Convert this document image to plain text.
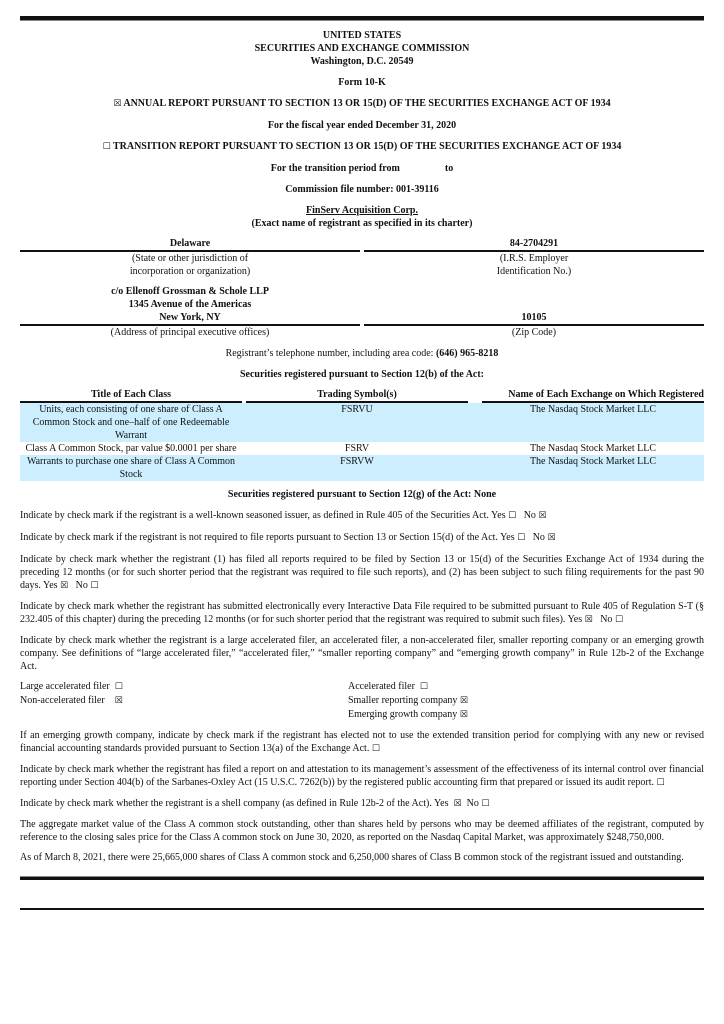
UNITED STATES
SECURITIES AND EXCHANGE COMMISSION
Washington, D.C. 20549

Form 10-K

☒ ANNUAL REPORT PURSUANT TO SECTION 13 OR 15(D) OF THE SECURITIES EXCHANGE ACT OF 1934

For the fiscal year ended December 31, 2020

☐ TRANSITION REPORT PURSUANT TO SECTION 13 OR 15(D) OF THE SECURITIES EXCHANGE ACT OF 1934

For the transition period from	to

Commission file number: 001-39116

FinServ Acquisition Corp.

(Exact name of registrant as specified in its charter)

Delaware
(State or other jurisdiction of
incorporation or organization)
84-2704291
(I.R.S. Employer
Identification No.)
c/o Ellenoff Grossman & Schole LLP
1345 Avenue of the Americas
New York, NY
(Address of principal executive offices)
10105
(Zip Code)

Registrant’s telephone number, including area code: (646) 965-8218

Securities registered pursuant to Section 12(b) of the Act:

Title of Each Class		Trading Symbol(s)		Name of Each Exchange on Which Registered
Units, each consisting of one share of Class A Common Stock and one–half of one Redeemable Warrant		FSRVU		The Nasdaq Stock Market LLC
Class A Common Stock, par value $0.0001 per share		FSRV		The Nasdaq Stock Market LLC
Warrants to purchase one share of Class A Common Stock		FSRVW		The Nasdaq Stock Market LLC

Securities registered pursuant to Section 12(g) of the Act: None

Indicate by check mark if the registrant is a well-known seasoned issuer, as defined in Rule 405 of the Securities Act. Yes ☐ No ☒

Indicate by check mark if the registrant is not required to file reports pursuant to Section 13 or Section 15(d) of the Act. Yes ☐ No ☒

Indicate by check mark whether the registrant (1) has filed all reports required to be filed by Section 13 or 15(d) of the Securities Exchange Act of 1934 during the preceding 12 months (or for such shorter period that the registrant was required to file such reports), and (2) has been subject to such filing requirements for the past 90 days. Yes ☒ No ☐

Indicate by check mark whether the registrant has submitted electronically every Interactive Data File required to be submitted pursuant to Rule 405 of Regulation S-T (§ 232.405 of this chapter) during the preceding 12 months (or for such shorter period that the registrant was required to submit such files). Yes ☒ No ☐

Indicate by check mark whether the registrant is a large accelerated filer, an accelerated filer, a non-accelerated filer, smaller reporting company or an emerging growth company. See definitions of “large accelerated filer,” “accelerated filer,” “smaller reporting company” and “emerging growth company” in Rule 12b-2 of the Exchange Act.

Large accelerated filer ☐
Non-accelerated filer ☒
Accelerated filer ☐
Smaller reporting company ☒
Emerging growth company ☒

If an emerging growth company, indicate by check mark if the registrant has elected not to use the extended transition period for complying with any new or revised financial accounting standards provided pursuant to Section 13(a) of the Exchange Act. ☐

Indicate by check mark whether the registrant has filed a report on and attestation to its management’s assessment of the effectiveness of its internal control over financial reporting under Section 404(b) of the Sarbanes-Oxley Act (15 U.S.C. 7262(b)) by the registered public accounting firm that prepared or issued its audit report. ☐

Indicate by check mark whether the registrant is a shell company (as defined in Rule 12b-2 of the Act). Yes ☒ No ☐

The aggregate market value of the Class A common stock outstanding, other than shares held by persons who may be deemed affiliates of the registrant, computed by reference to the closing sales price for the Class A common stock on June 30, 2020, as reported on the Nasdaq Capital Market, was approximately $248,750,000.

As of March 8, 2021, there were 25,665,000 shares of Class A common stock and 6,250,000 shares of Class B common stock of the registrant issued and outstanding.
